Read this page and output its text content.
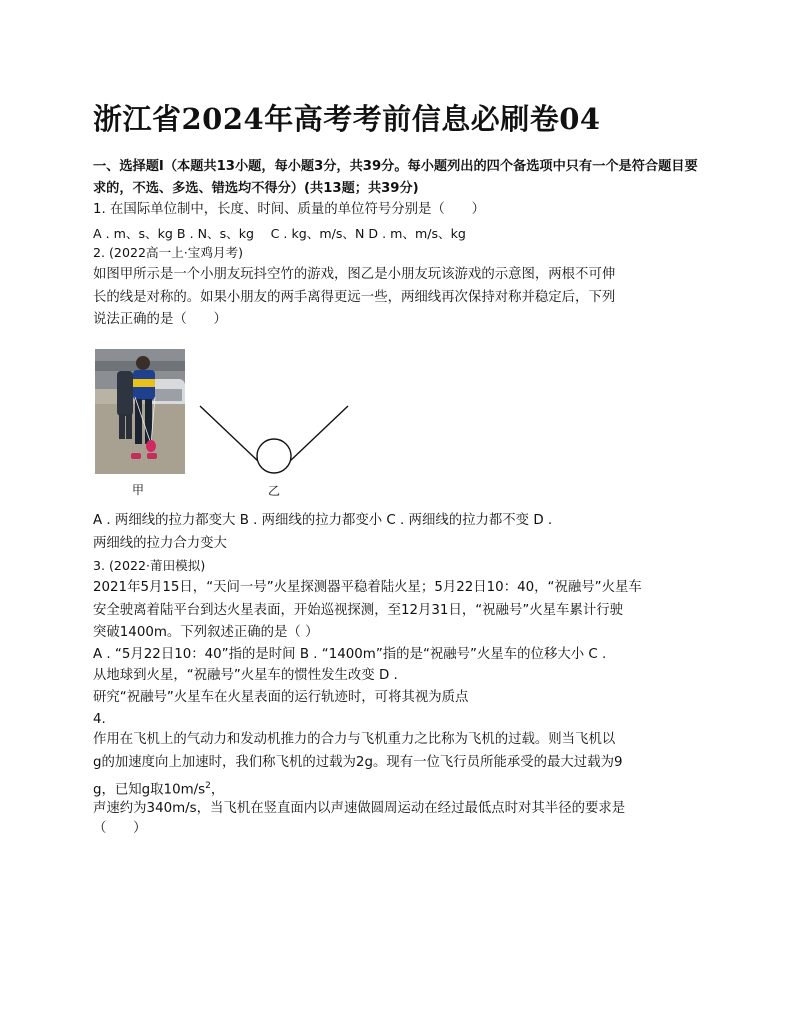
浙江省2024年高考考前信息必刷卷04
一、选择题Ⅰ（本题共13小题，每小题3分，共39分。每小题列出的四个备选项中只有一个是符合题目要求的，不选、多选、错选均不得分）(共13题；共39分)
1. 在国际单位制中，长度、时间、质量的单位符号分别是（　　）
A . m、s、kg B . N、s、kg　 C . kg、m/s、N D . m、m/s、kg
2. (2022高一上·宝鸡月考)
如图甲所示是一个小朋友玩抖空竹的游戏，图乙是小朋友玩该游戏的示意图，两根不可伸
长的线是对称的。如果小朋友的两手离得更远一些，两细线再次保持对称并稳定后，下列
说法正确的是（　　）
甲	乙
A . 两细线的拉力都变大 B . 两细线的拉力都变小 C . 两细线的拉力都不变 D .
两细线的拉力合力变大
3. (2022·莆田模拟)
2021年5月15日，“天问一号”火星探测器平稳着陆火星；5月22日10：40，“祝融号”火星车
安全驶离着陆平台到达火星表面，开始巡视探测，至12月31日，“祝融号”火星车累计行驶
突破1400m。下列叙述正确的是（ ）
A . “5月22日10：40”指的是时间 B . “1400m”指的是“祝融号”火星车的位移大小 C .
从地球到火星，“祝融号”火星车的惯性发生改变 D .
研究“祝融号”火星车在火星表面的运行轨迹时，可将其视为质点
4.
作用在飞机上的气动力和发动机推力的合力与飞机重力之比称为飞机的过载。则当飞机以
g的加速度向上加速时，我们称飞机的过载为2g。现有一位飞行员所能承受的最大过载为9
g，已知g取$10m/s^2$，
声速约为340m/s，当飞机在竖直面内以声速做圆周运动在经过最低点时对其半径的要求是
（　　）
